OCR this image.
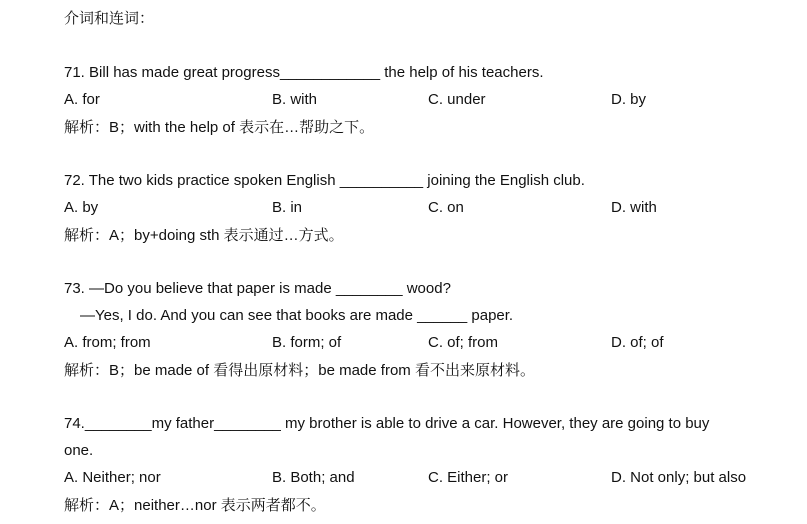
介词和连词：
71. Bill has made great progress____________ the help of his teachers.
A. for	B. with	C. under	D. by
解析：B；with the help of 表示在…帮助之下。
72. The two kids practice spoken English __________ joining the English club.
A. by	B. in	C. on	D. with
解析：A；by+doing sth 表示通过…方式。
73. —Do you believe that paper is made ________ wood?
—Yes, I do. And you can see that books are made ______ paper.
A. from; from	B. form; of	C. of; from	D. of; of
解析：B；be made of 看得出原材料；be made from 看不出来原材料。
74.________my father________ my brother is able to drive a car. However, they are going to buy
one.
A. Neither; nor	B. Both; and	C. Either; or	D. Not only; but also
解析：A；neither…nor 表示两者都不。
